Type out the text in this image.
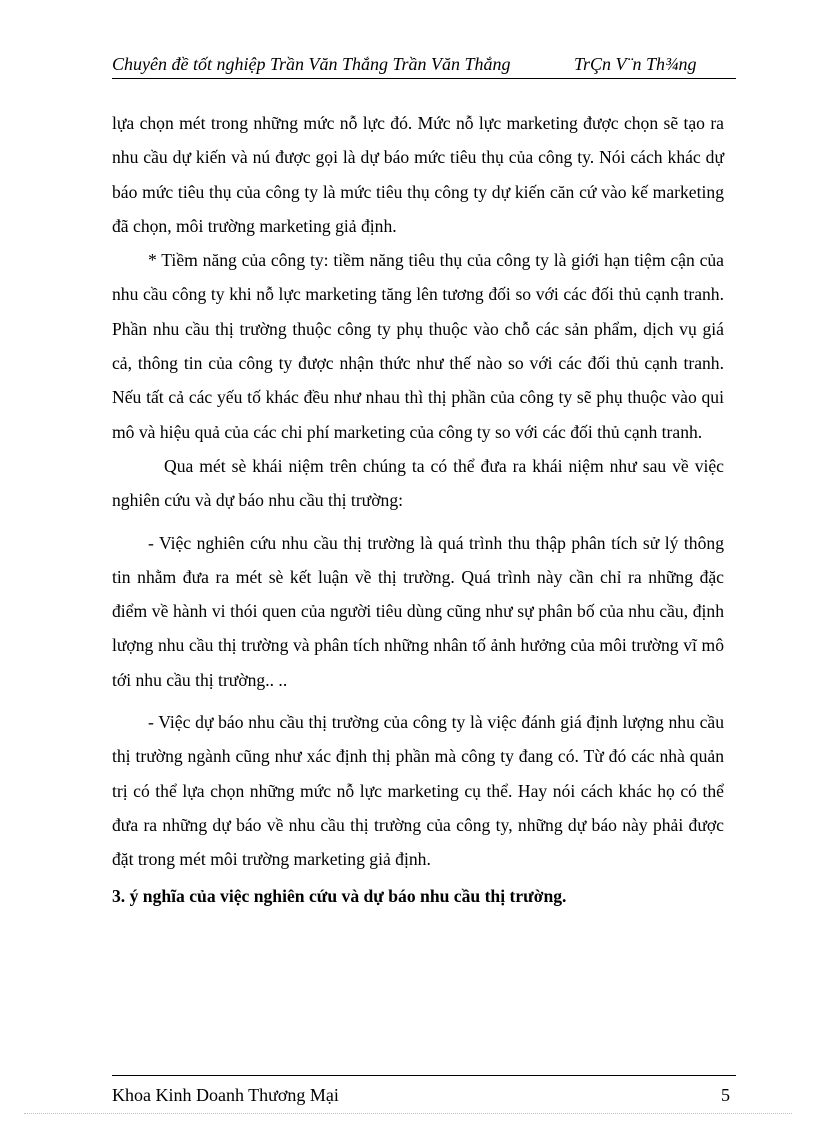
Chuyên đề tốt nghiệp Trần Văn Thắng Trần Văn Thắng	TrÇn V¨n Th¾ng

lựa chọn mét trong những mức nỗ lực đó. Mức nỗ lực marketing được chọn sẽ tạo ra nhu cầu dự kiến và nú được gọi là dự báo mức tiêu thụ của công ty. Nói cách khác dự báo mức tiêu thụ của công ty là mức tiêu thụ công ty dự kiến căn cứ vào kế marketing đã chọn, môi trường marketing giả định.

* Tiềm năng của công ty: tiềm năng tiêu thụ của công ty là giới hạn tiệm cận của nhu cầu công ty khi nỗ lực marketing tăng lên tương đối so với các đối thủ cạnh tranh. Phần nhu cầu thị trường thuộc công ty phụ thuộc vào chỗ các sản phẩm, dịch vụ giá cả, thông tin của công ty được nhận thức như thế nào so với các đối thủ cạnh tranh. Nếu tất cả các yếu tố khác đều như nhau thì thị phần của công ty sẽ phụ thuộc vào qui mô và hiệu quả của các chi phí marketing của công ty so với các đối thủ cạnh tranh.

Qua mét sè khái niệm trên chúng ta có thể đưa ra khái niệm như sau về việc nghiên cứu và dự báo nhu cầu thị trường:

- Việc nghiên cứu nhu cầu thị trường là quá trình thu thập phân tích sử lý thông tin nhằm đưa ra mét sè kết luận về thị trường. Quá trình này cần chỉ ra những đặc điểm về hành vi thói quen của người tiêu dùng cũng như sự phân bố của nhu cầu, định lượng nhu cầu thị trường và phân tích những nhân tố ảnh hưởng của môi trường vĩ mô tới nhu cầu thị trường.. ..

- Việc dự báo nhu cầu thị trường của công ty là việc đánh giá định lượng nhu cầu thị trường ngành cũng như xác định thị phần mà công ty đang có. Từ đó các nhà quản trị có thể lựa chọn những mức nỗ lực marketing cụ thể. Hay nói cách khác họ có thể đưa ra những dự báo về nhu cầu thị trường của công ty, những dự báo này phải được đặt trong mét môi trường marketing giả định.

3. ý nghĩa của việc nghiên cứu và dự báo nhu cầu thị trường.

Khoa Kinh Doanh Thương Mại	5
